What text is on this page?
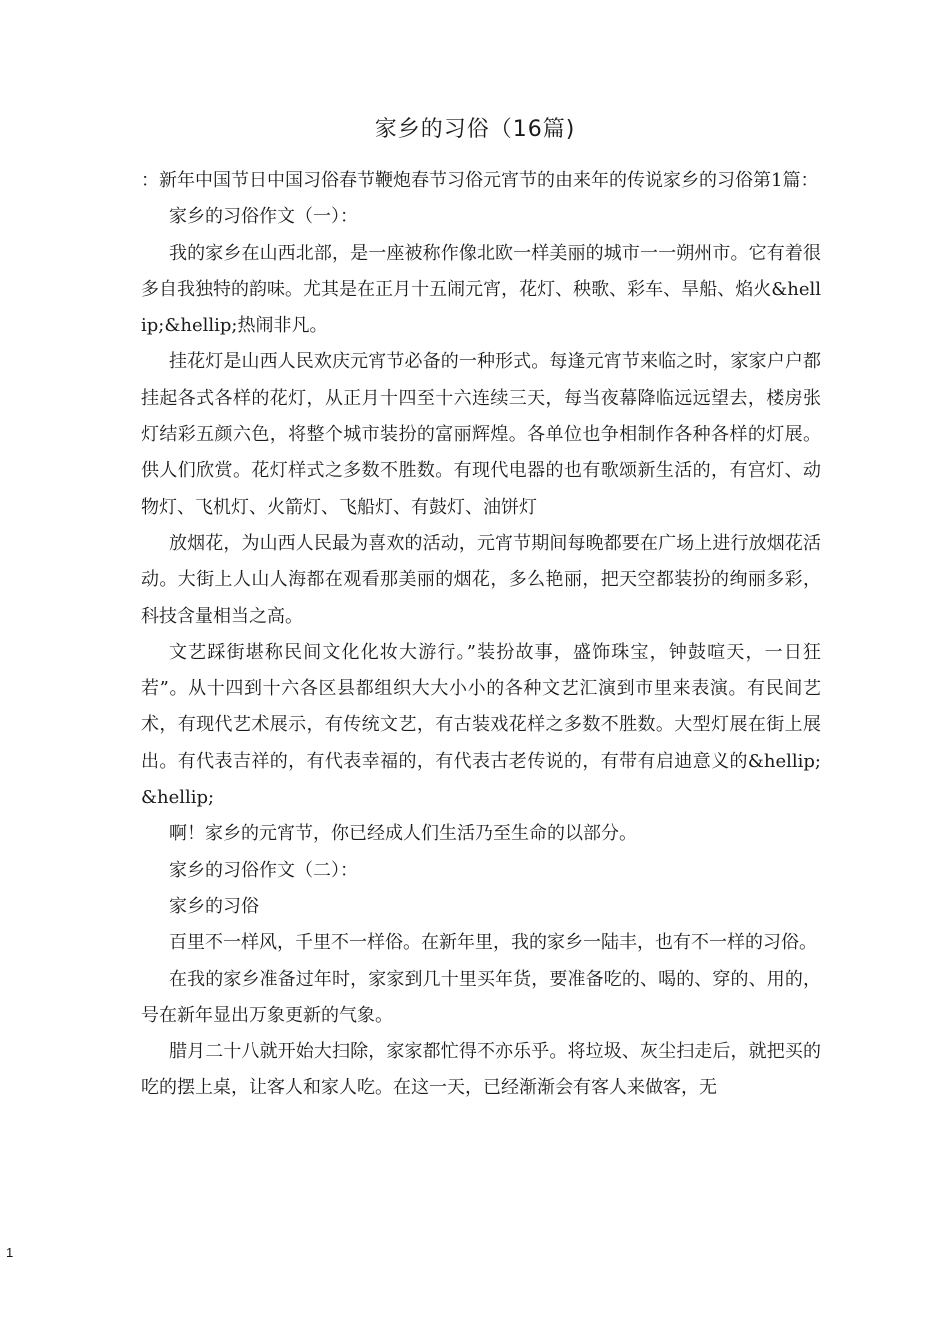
家乡的习俗（16篇)

：新年中国节日中国习俗春节鞭炮春节习俗元宵节的由来年的传说家乡的习俗第1篇：

家乡的习俗作文（一）：

我的家乡在山西北部，是一座被称作像北欧一样美丽的城市一一朔州市。它有着很多自我独特的韵味。尤其是在正月十五闹元宵，花灯、秧歌、彩车、旱船、焰火&hellip;&hellip;热闹非凡。

挂花灯是山西人民欢庆元宵节必备的一种形式。每逢元宵节来临之时，家家户户都挂起各式各样的花灯，从正月十四至十六连续三天，每当夜幕降临远远望去，楼房张灯结彩五颜六色，将整个城市装扮的富丽辉煌。各单位也争相制作各种各样的灯展。供人们欣赏。花灯样式之多数不胜数。有现代电器的也有歌颂新生活的，有宫灯、动物灯、飞机灯、火箭灯、飞船灯、有鼓灯、油饼灯

放烟花，为山西人民最为喜欢的活动，元宵节期间每晚都要在广场上进行放烟花活动。大街上人山人海都在观看那美丽的烟花，多么艳丽，把天空都装扮的绚丽多彩，科技含量相当之高。

文艺踩街堪称民间文化化妆大游行。”装扮故事，盛饰珠宝，钟鼓喧天，一日狂若”。从十四到十六各区县都组织大大小小的各种文艺汇演到市里来表演。有民间艺术，有现代艺术展示，有传统文艺，有古装戏花样之多数不胜数。大型灯展在街上展出。有代表吉祥的，有代表幸福的，有代表古老传说的，有带有启迪意义的&hellip;&hellip;

啊！家乡的元宵节，你已经成人们生活乃至生命的以部分。

家乡的习俗作文（二）：

家乡的习俗

百里不一样风，千里不一样俗。在新年里，我的家乡一陆丰，也有不一样的习俗。

在我的家乡准备过年时，家家到几十里买年货，要准备吃的、喝的、穿的、用的，号在新年显出万象更新的气象。

腊月二十八就开始大扫除，家家都忙得不亦乐乎。将垃圾、灰尘扫走后，就把买的吃的摆上桌，让客人和家人吃。在这一天，已经渐渐会有客人来做客，无

1
